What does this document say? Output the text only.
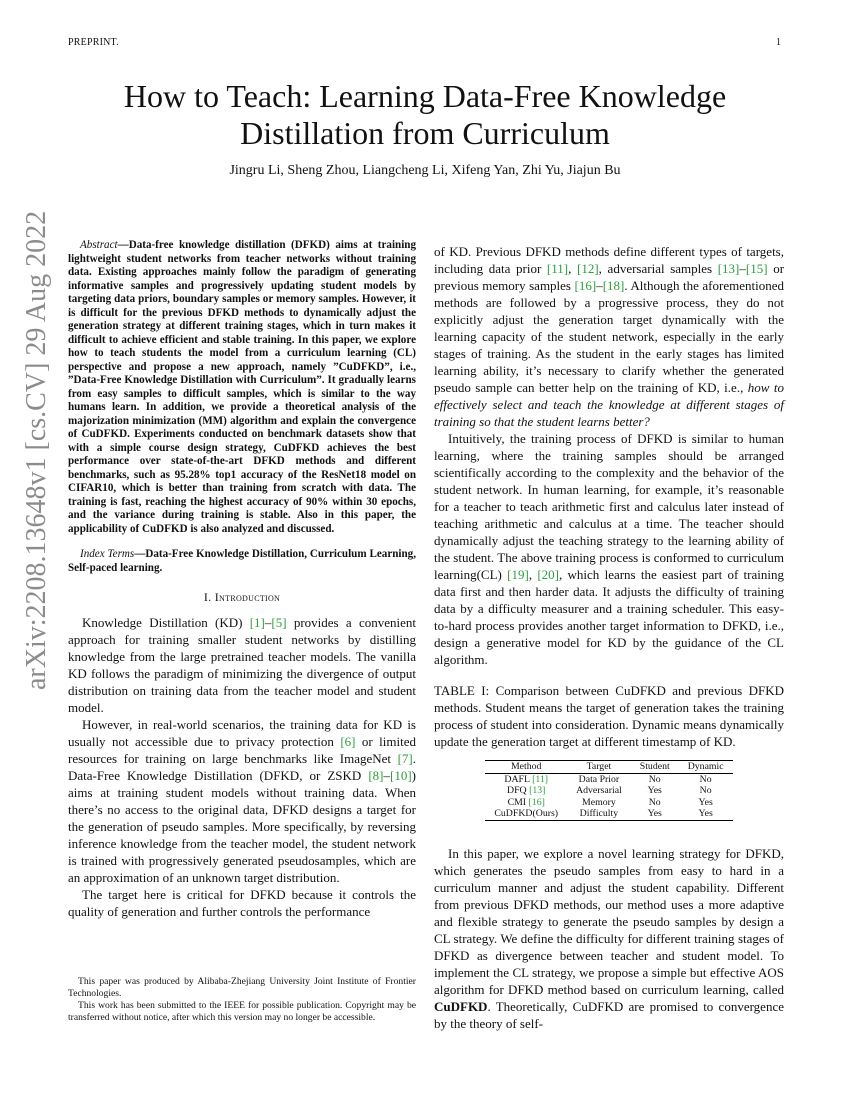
PREPRINT.	1
arXiv:2208.13648v1 [cs.CV] 29 Aug 2022
How to Teach: Learning Data-Free Knowledge
Distillation from Curriculum
Jingru Li, Sheng Zhou, Liangcheng Li, Xifeng Yan, Zhi Yu, Jiajun Bu

Abstract—Data-free knowledge distillation (DFKD) aims at training lightweight student networks from teacher networks without training data. Existing approaches mainly follow the paradigm of generating informative samples and progressively updating student models by targeting data priors, boundary samples or memory samples. However, it is difficult for the previous DFKD methods to dynamically adjust the generation strategy at different training stages, which in turn makes it difficult to achieve efficient and stable training. In this paper, we explore how to teach students the model from a curriculum learning (CL) perspective and propose a new approach, namely ”CuDFKD”, i.e., ”Data-Free Knowledge Distillation with Curriculum”. It gradually learns from easy samples to difficult samples, which is similar to the way humans learn. In addition, we provide a theoretical analysis of the majorization minimization (MM) algorithm and explain the convergence of CuDFKD. Experiments conducted on benchmark datasets show that with a simple course design strategy, CuDFKD achieves the best performance over state-of-the-art DFKD methods and different benchmarks, such as 95.28% top1 accuracy of the ResNet18 model on CIFAR10, which is better than training from scratch with data. The training is fast, reaching the highest accuracy of 90% within 30 epochs, and the variance during training is stable. Also in this paper, the applicability of CuDFKD is also analyzed and discussed.

Index Terms—Data-Free Knowledge Distillation, Curriculum Learning, Self-paced learning.

I. Introduction

Knowledge Distillation (KD) [1]–[5] provides a convenient approach for training smaller student networks by distilling knowledge from the large pretrained teacher models. The vanilla KD follows the paradigm of minimizing the divergence of output distribution on training data from the teacher model and student model.

However, in real-world scenarios, the training data for KD is usually not accessible due to privacy protection [6] or limited resources for training on large benchmarks like ImageNet [7]. Data-Free Knowledge Distillation (DFKD, or ZSKD [8]–[10]) aims at training student models without training data. When there’s no access to the original data, DFKD designs a target for the generation of pseudo samples. More specifically, by reversing inference knowledge from the teacher model, the student network is trained with progressively generated pseudosamples, which are an approximation of an unknown target distribution.

The target here is critical for DFKD because it controls the quality of generation and further controls the performance

This paper was produced by Alibaba-Zhejiang University Joint Institute of Frontier Technologies.

This work has been submitted to the IEEE for possible publication. Copyright may be transferred without notice, after which this version may no longer be accessible.

of KD. Previous DFKD methods define different types of targets, including data prior [11], [12], adversarial samples [13]–[15] or previous memory samples [16]–[18]. Although the aforementioned methods are followed by a progressive process, they do not explicitly adjust the generation target dynamically with the learning capacity of the student network, especially in the early stages of training. As the student in the early stages has limited learning ability, it’s necessary to clarify whether the generated pseudo sample can better help on the training of KD, i.e., how to effectively select and teach the knowledge at different stages of training so that the student learns better?

Intuitively, the training process of DFKD is similar to human learning, where the training samples should be arranged scientifically according to the complexity and the behavior of the student network. In human learning, for example, it’s reasonable for a teacher to teach arithmetic first and calculus later instead of teaching arithmetic and calculus at a time. The teacher should dynamically adjust the teaching strategy to the learning ability of the student. The above training process is conformed to curriculum learning(CL) [19], [20], which learns the easiest part of training data first and then harder data. It adjusts the difficulty of training data by a difficulty measurer and a training scheduler. This easy-to-hard process provides another target information to DFKD, i.e., design a generative model for KD by the guidance of the CL algorithm.

TABLE I: Comparison between CuDFKD and previous DFKD methods. Student means the target of generation takes the training process of student into consideration. Dynamic means dynamically update the generation target at different timestamp of KD.

Method	Target	Student	Dynamic
DAFL [11]	Data Prior	No	No
DFQ [13]	Adversarial	Yes	No
CMI [16]	Memory	No	Yes
CuDFKD(Ours)	Difficulty	Yes	Yes

In this paper, we explore a novel learning strategy for DFKD, which generates the pseudo samples from easy to hard in a curriculum manner and adjust the student capability. Different from previous DFKD methods, our method uses a more adaptive and flexible strategy to generate the pseudo samples by design a CL strategy. We define the difficulty for different training stages of DFKD as divergence between teacher and student model. To implement the CL strategy, we propose a simple but effective AOS algorithm for DFKD method based on curriculum learning, called CuDFKD. Theoretically, CuDFKD are promised to convergence by the theory of self-
